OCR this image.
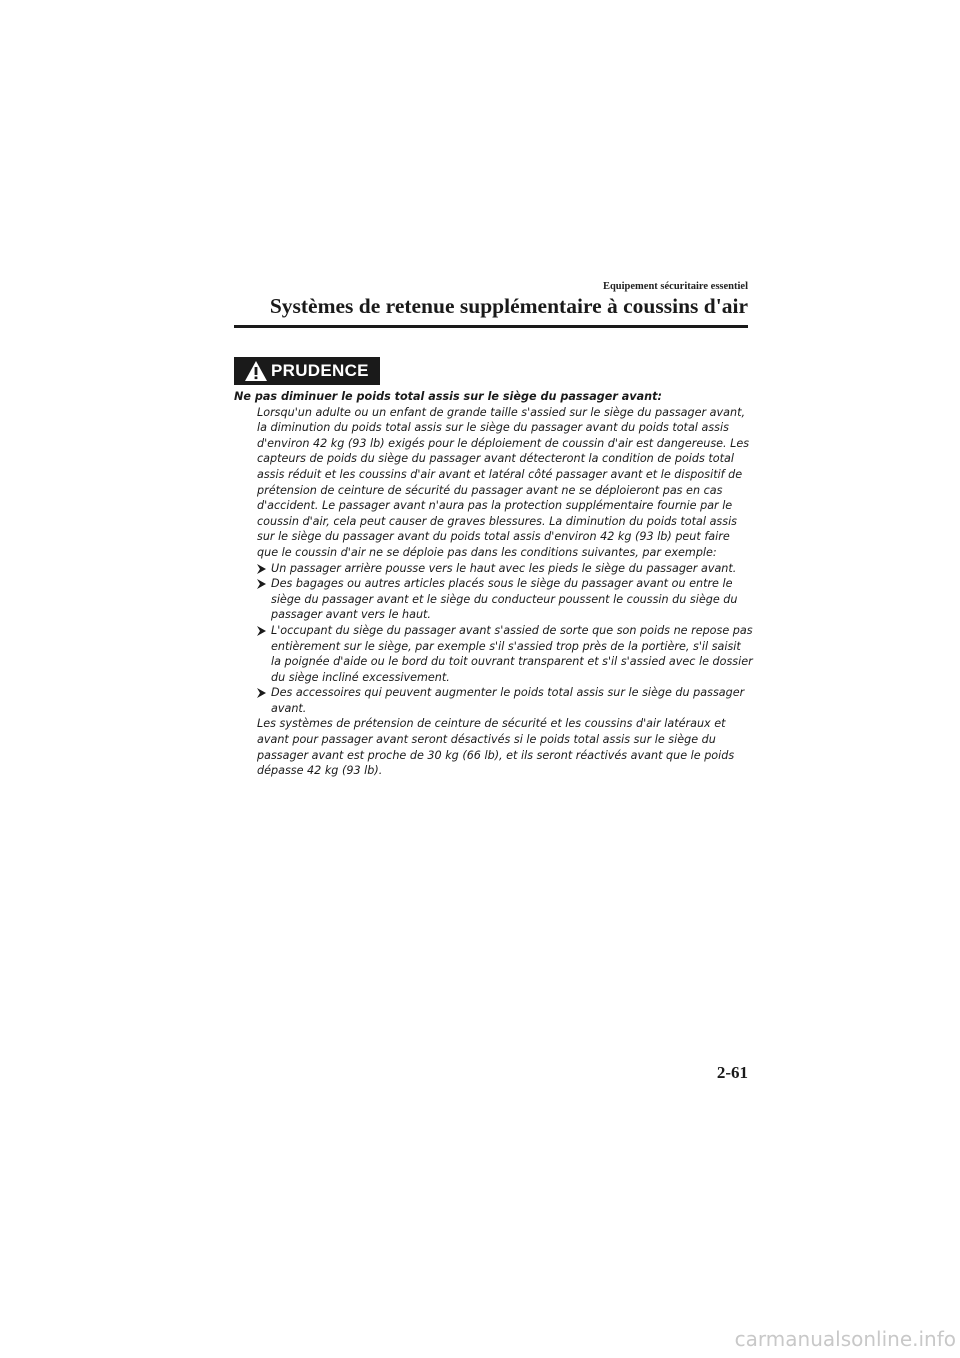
Equipement sécuritaire essentiel
Systèmes de retenue supplémentaire à coussins d'air
PRUDENCE

Ne pas diminuer le poids total assis sur le siège du passager avant:

Lorsqu'un adulte ou un enfant de grande taille s'assied sur le siège du passager avant, la diminution du poids total assis sur le siège du passager avant du poids total assis d'environ 42 kg (93 lb) exigés pour le déploiement de coussin d'air est dangereuse. Les capteurs de poids du siège du passager avant détecteront la condition de poids total assis réduit et les coussins d'air avant et latéral côté passager avant et le dispositif de prétension de ceinture de sécurité du passager avant ne se déploieront pas en cas d'accident. Le passager avant n'aura pas la protection supplémentaire fournie par le coussin d'air, cela peut causer de graves blessures. La diminution du poids total assis sur le siège du passager avant du poids total assis d'environ 42 kg (93 lb) peut faire que le coussin d'air ne se déploie pas dans les conditions suivantes, par exemple:

Un passager arrière pousse vers le haut avec les pieds le siège du passager avant.
Des bagages ou autres articles placés sous le siège du passager avant ou entre le siège du passager avant et le siège du conducteur poussent le coussin du siège du passager avant vers le haut.
L'occupant du siège du passager avant s'assied de sorte que son poids ne repose pas entièrement sur le siège, par exemple s'il s'assied trop près de la portière, s'il saisit la poignée d'aide ou le bord du toit ouvrant transparent et s'il s'assied avec le dossier du siège incliné excessivement.
Des accessoires qui peuvent augmenter le poids total assis sur le siège du passager avant.

Les systèmes de prétension de ceinture de sécurité et les coussins d'air latéraux et avant pour passager avant seront désactivés si le poids total assis sur le siège du passager avant est proche de 30 kg (66 lb), et ils seront réactivés avant que le poids dépasse 42 kg (93 lb).

2-61
carmanualsonline.info
